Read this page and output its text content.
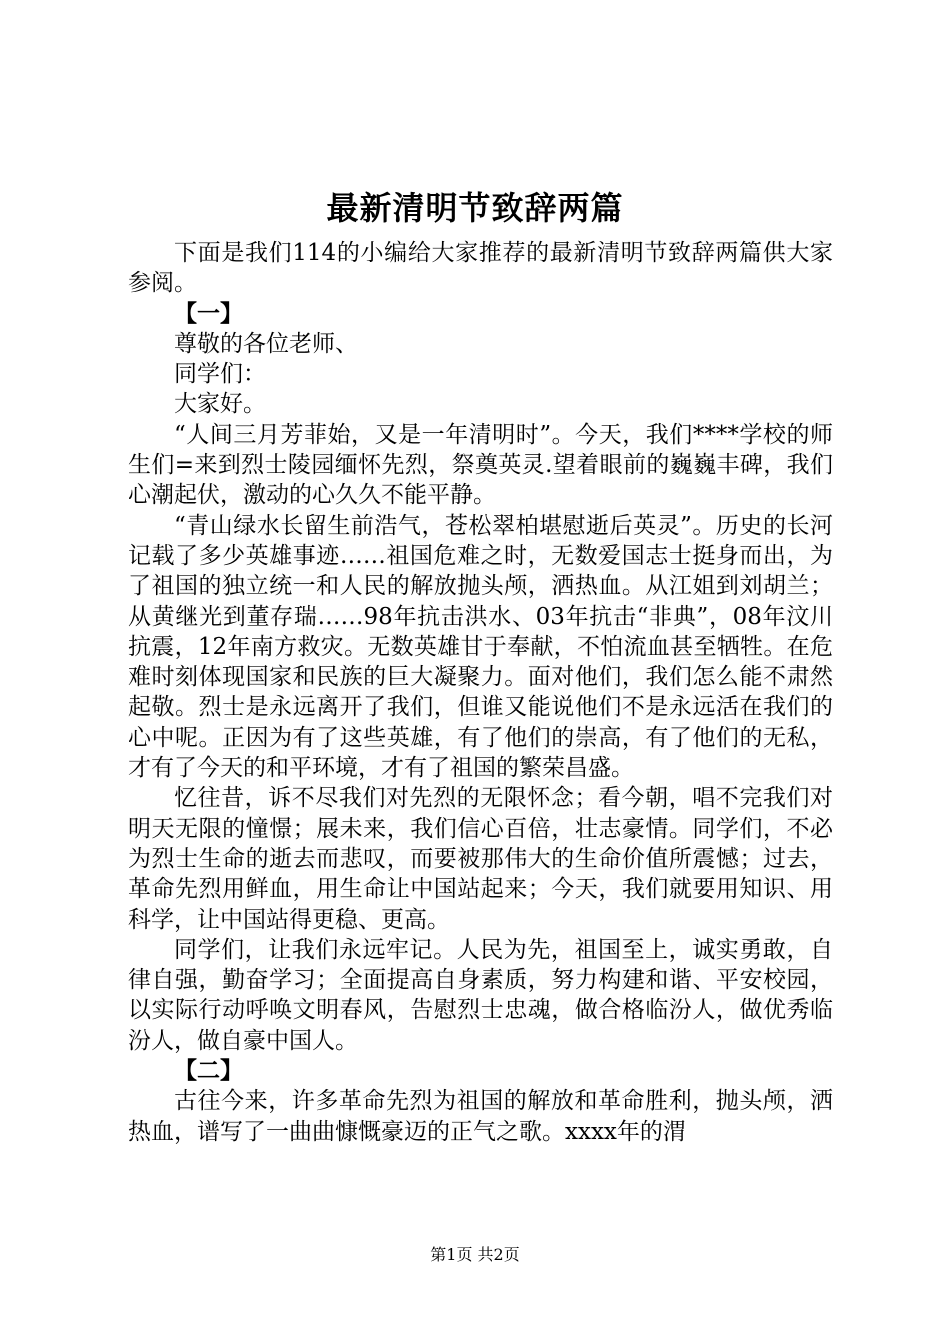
最新清明节致辞两篇

下面是我们114的小编给大家推荐的最新清明节致辞两篇供大家参阅。

【一】

尊敬的各位老师、

同学们：

大家好。

“人间三月芳菲始，又是一年清明时”。今天，我们****学校的师生们=来到烈士陵园缅怀先烈，祭奠英灵.望着眼前的巍巍丰碑，我们心潮起伏，激动的心久久不能平静。

“青山绿水长留生前浩气，苍松翠柏堪慰逝后英灵”。历史的长河记载了多少英雄事迹……祖国危难之时，无数爱国志士挺身而出，为了祖国的独立统一和人民的解放抛头颅，洒热血。从江姐到刘胡兰；从黄继光到董存瑞……98年抗击洪水、03年抗击“非典”，08年汶川抗震，12年南方救灾。无数英雄甘于奉献，不怕流血甚至牺牲。在危难时刻体现国家和民族的巨大凝聚力。面对他们，我们怎么能不肃然起敬。烈士是永远离开了我们，但谁又能说他们不是永远活在我们的心中呢。正因为有了这些英雄，有了他们的崇高，有了他们的无私，才有了今天的和平环境，才有了祖国的繁荣昌盛。

忆往昔，诉不尽我们对先烈的无限怀念；看今朝，唱不完我们对明天无限的憧憬；展未来，我们信心百倍，壮志豪情。同学们，不必为烈士生命的逝去而悲叹，而要被那伟大的生命价值所震憾；过去，革命先烈用鲜血，用生命让中国站起来；今天，我们就要用知识、用科学，让中国站得更稳、更高。

同学们，让我们永远牢记。人民为先，祖国至上，诚实勇敢，自律自强，勤奋学习；全面提高自身素质，努力构建和谐、平安校园，以实际行动呼唤文明春风，告慰烈士忠魂，做合格临汾人，做优秀临汾人，做自豪中国人。

【二】

古往今来，许多革命先烈为祖国的解放和革命胜利，抛头颅，洒热血，谱写了一曲曲慷慨豪迈的正气之歌。xxxx年的渭

第1页 共2页
